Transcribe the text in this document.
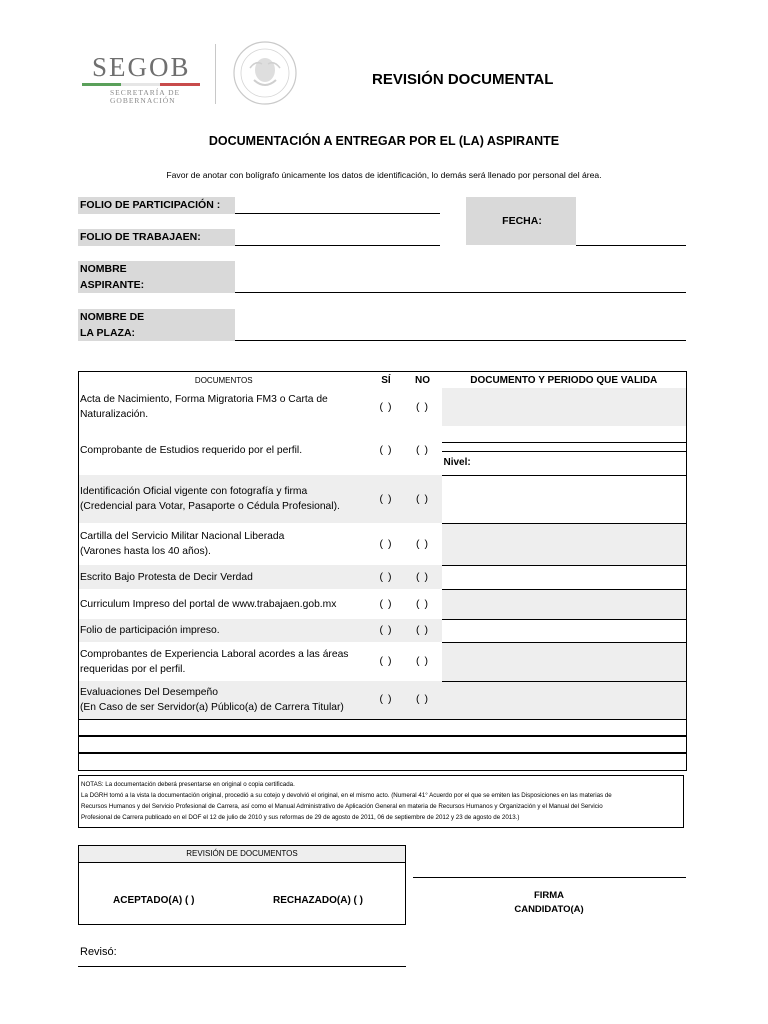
SEGOB
SECRETARÍA DE
GOBERNACIÓN
REVISIÓN DOCUMENTAL
DOCUMENTACIÓN A ENTREGAR POR EL (LA) ASPIRANTE
Favor de anotar con bolígrafo únicamente los datos de identificación, lo demás será llenado por personal del área.
FOLIO DE PARTICIPACIÓN :
FOLIO DE TRABAJAEN:
FECHA:
NOMBRE
ASPIRANTE:
NOMBRE DE
LA PLAZA:
DOCUMENTOS	SÍ	NO	DOCUMENTO Y PERIODO QUE VALIDA

Acta de Nacimiento, Forma Migratoria FM3 o Carta de
Naturalización.	( )	( )	

Comprobante de Estudios requerido por el perfil.	( )	( )	Nivel:

Identificación Oficial vigente con fotografía y firma
(Credencial para Votar, Pasaporte o Cédula Profesional).	( )	( )	

Cartilla del Servicio Militar Nacional Liberada
(Varones hasta los 40 años).	( )	( )	
Escrito Bajo Protesta de Decir Verdad	( )	( )	
Curriculum Impreso del portal de www.trabajaen.gob.mx	( )	( )	
Folio de participación impreso.	( )	( )	

Comprobantes de Experiencia Laboral acordes a las áreas
requeridas por el perfil.	( )	( )	

Evaluaciones Del Desempeño
(En Caso de ser Servidor(a) Público(a) de Carrera Titular)	( )	( )	

NOTAS: La documentación deberá presentarse en original o copia certificada.
La DGRH tomó a la vista la documentación original, procedió a su cotejo y devolvió el original, en el mismo acto. (Numeral 41° Acuerdo por el que se emiten las Disposiciones en las materias de
Recursos Humanos y del Servicio Profesional de Carrera, así como el Manual Administrativo de Aplicación General en materia de Recursos Humanos y Organización y el Manual del Servicio
Profesional de Carrera publicado en el DOF el 12 de julio de 2010 y sus reformas de 29 de agosto de 2011, 06 de septiembre de 2012 y 23 de agosto de 2013.)
REVISIÓN DE DOCUMENTOS
ACEPTADO(A) ( )	RECHAZADO(A) ( )	FIRMA
CANDIDATO(A)
Revisó:
